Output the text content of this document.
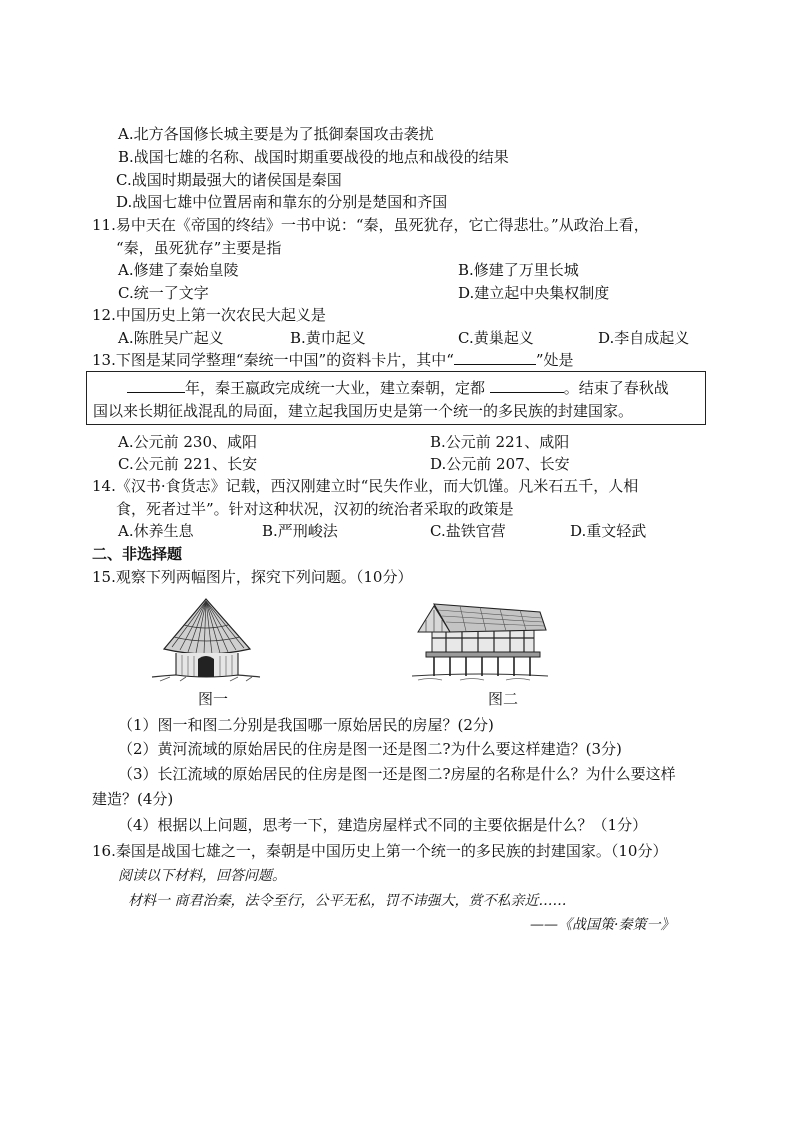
A.北方各国修长城主要是为了抵御秦国攻击袭扰
B.战国七雄的名称、战国时期重要战役的地点和战役的结果
C.战国时期最强大的诸侯国是秦国
D.战国七雄中位置居南和靠东的分别是楚国和齐国
11.易中天在《帝国的终结》一书中说：“秦，虽死犹存，它亡得悲壮。”从政治上看，
“秦，虽死犹存”主要是指
A.修建了秦始皇陵	B.修建了万里长城
C.统一了文字	D.建立起中央集权制度
12.中国历史上第一次农民大起义是
A.陈胜吴广起义	B.黄巾起义	C.黄巢起义	D.李自成起义
13.下图是某同学整理“秦统一中国”的资料卡片，其中“	”处是
年，秦王嬴政完成统一大业，建立秦朝，定都	。结束了春秋战
国以来长期征战混乱的局面，建立起我国历史是第一个统一的多民族的封建国家。
A.公元前 230、咸阳	B.公元前 221、咸阳
C.公元前 221、长安	D.公元前 207、长安
14.《汉书·食货志》记载，西汉刚建立时“民失作业，而大饥馑。凡米石五千，人相
食，死者过半”。针对这种状况，汉初的统治者采取的政策是
A.休养生息	B.严刑峻法	C.盐铁官营	D.重文轻武
二、非选择题
15.观察下列两幅图片，探究下列问题。（10分）
图一	图二
（1）图一和图二分别是我国哪一原始居民的房屋？(2分)
（2）黄河流域的原始居民的住房是图一还是图二?为什么要这样建造？(3分)
（3）长江流域的原始居民的住房是图一还是图二?房屋的名称是什么？为什么要这样
建造？(4分)
（4）根据以上问题，思考一下，建造房屋样式不同的主要依据是什么？（1分）
16.秦国是战国七雄之一，秦朝是中国历史上第一个统一的多民族的封建国家。（10分）
阅读以下材料，回答问题。
材料一 商君治秦，法令至行，公平无私，罚不讳强大，赏不私亲近……
——《战国策·秦策一》
